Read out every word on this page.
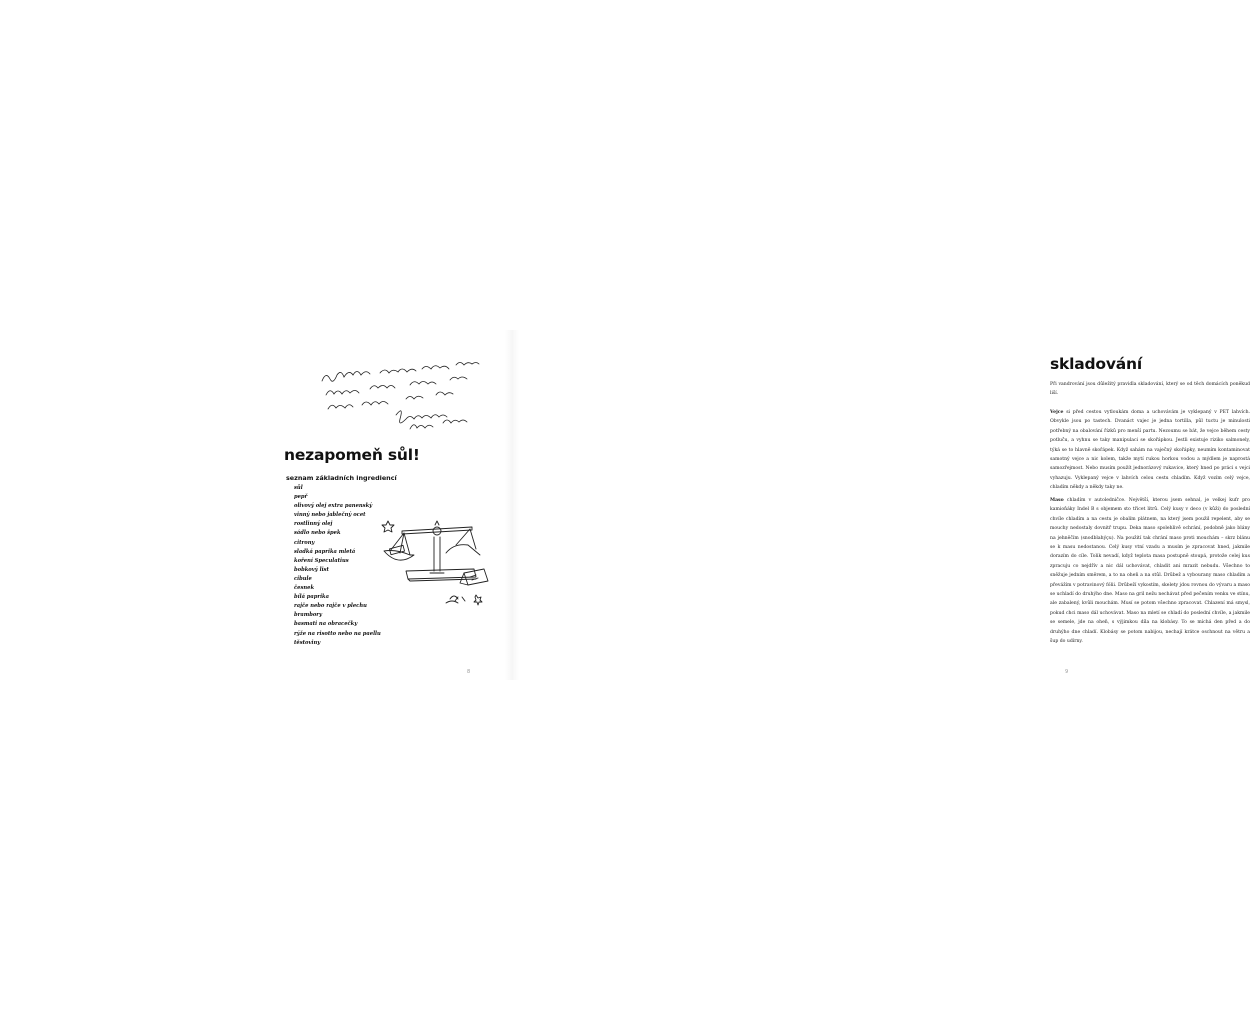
nezapomeň sůl!
seznam základních ingrediencí
sůl
pepř
olivový olej extra panenský
vinný nebo jablečný ocet
rostlinný olej
sádlo nebo špek
citrony
sladká paprika mletá
koření Speculatius
bobkový list
cibule
česnek
bílá paprika
rajče nebo rajče v plechu
brambory
basmati na obracečky
rýže na risotto nebo na paellu
těstoviny
8
skladování

Při vandrování jsou důležitý pravidla skladování, který se od těch domácích poněkud liší.

Vejce si před cestou vytloukám doma a uchovávám je vyklepaný v PET lahvích. Obvykle jsou po tastech. Dvanáct vajec je jedna tortilla, půl tuctu je minulosti potřebný na obalování řízků pro menší partu. Nezoumu se bát, že vejce během cesty potluču, a vyhnu se taky manipulaci se skořápkou. Jestli existuje riziko salmonely, týká se to hlavně skořápek. Když sahám na vaječný skořápky, neumím kontaminovat samotný vejce a nic kolem, takže mytí rukou horkou vodou a mýdlem je naprostá samozřejmost. Nebo musím použít jednorázový rukavice, který hned po práci s vejci vyhazuju. Vyklepaný vejce v lahvích celou cestu chladím. Když vozím celý vejce, chladím někdy a někdy taky ne.

Maso chladím v autoledničce. Největší, kterou jsem sehnal, je velkej kufr pro kamioňáky Indel B s objemem sto třicet litrů. Celý kusy v deco (v kůži) do poslední chvíle chladím a na cestu je obalím plátnem, na který jsem použil repelent, aby se mouchy nedostaly dovnitř trupu. Deka maso spolehlivě ochrání, podobně jako blány na jehněčím (snodblahýçu). Na použití tak chrání maso proti mouchám – skrz blánu se k masu nedostanou. Celý kusy vtní vzadu a musím je zpracovat hned, jakmile dorazím do cíle. Tolik nevadí, když teplota masa postupně stoupá, protože celej kus zpracuju co nejdřív a nic dál uchovávat, chladit ani mrazit nebudu. Všechno to sněžuje jedním směrem, a to na oheň a na stůl. Drůbež a vybourany maso chladím a převážím v potravinový fólii. Drůbeží vykostím, skelety jdou rovnou do vývaru a maso se uchladí do druhýho dne. Maso na gril nežu nechávat před pečením venku ve stínu, ale zabalený, kvůli mouchám. Musí se potom všechno zpracovat. Chlazení má smysl, pokud chci maso dál uchovávat. Maso na mletí se chladí do poslední chvíle, a jakmile se semele, jde na oheň, s výjimkou díla na klobásy. To se míchá den před a do druhýho dne chladí. Klobásy se potom nabijou, nechají krátce oschnout na větru a šup do udírny.

9
